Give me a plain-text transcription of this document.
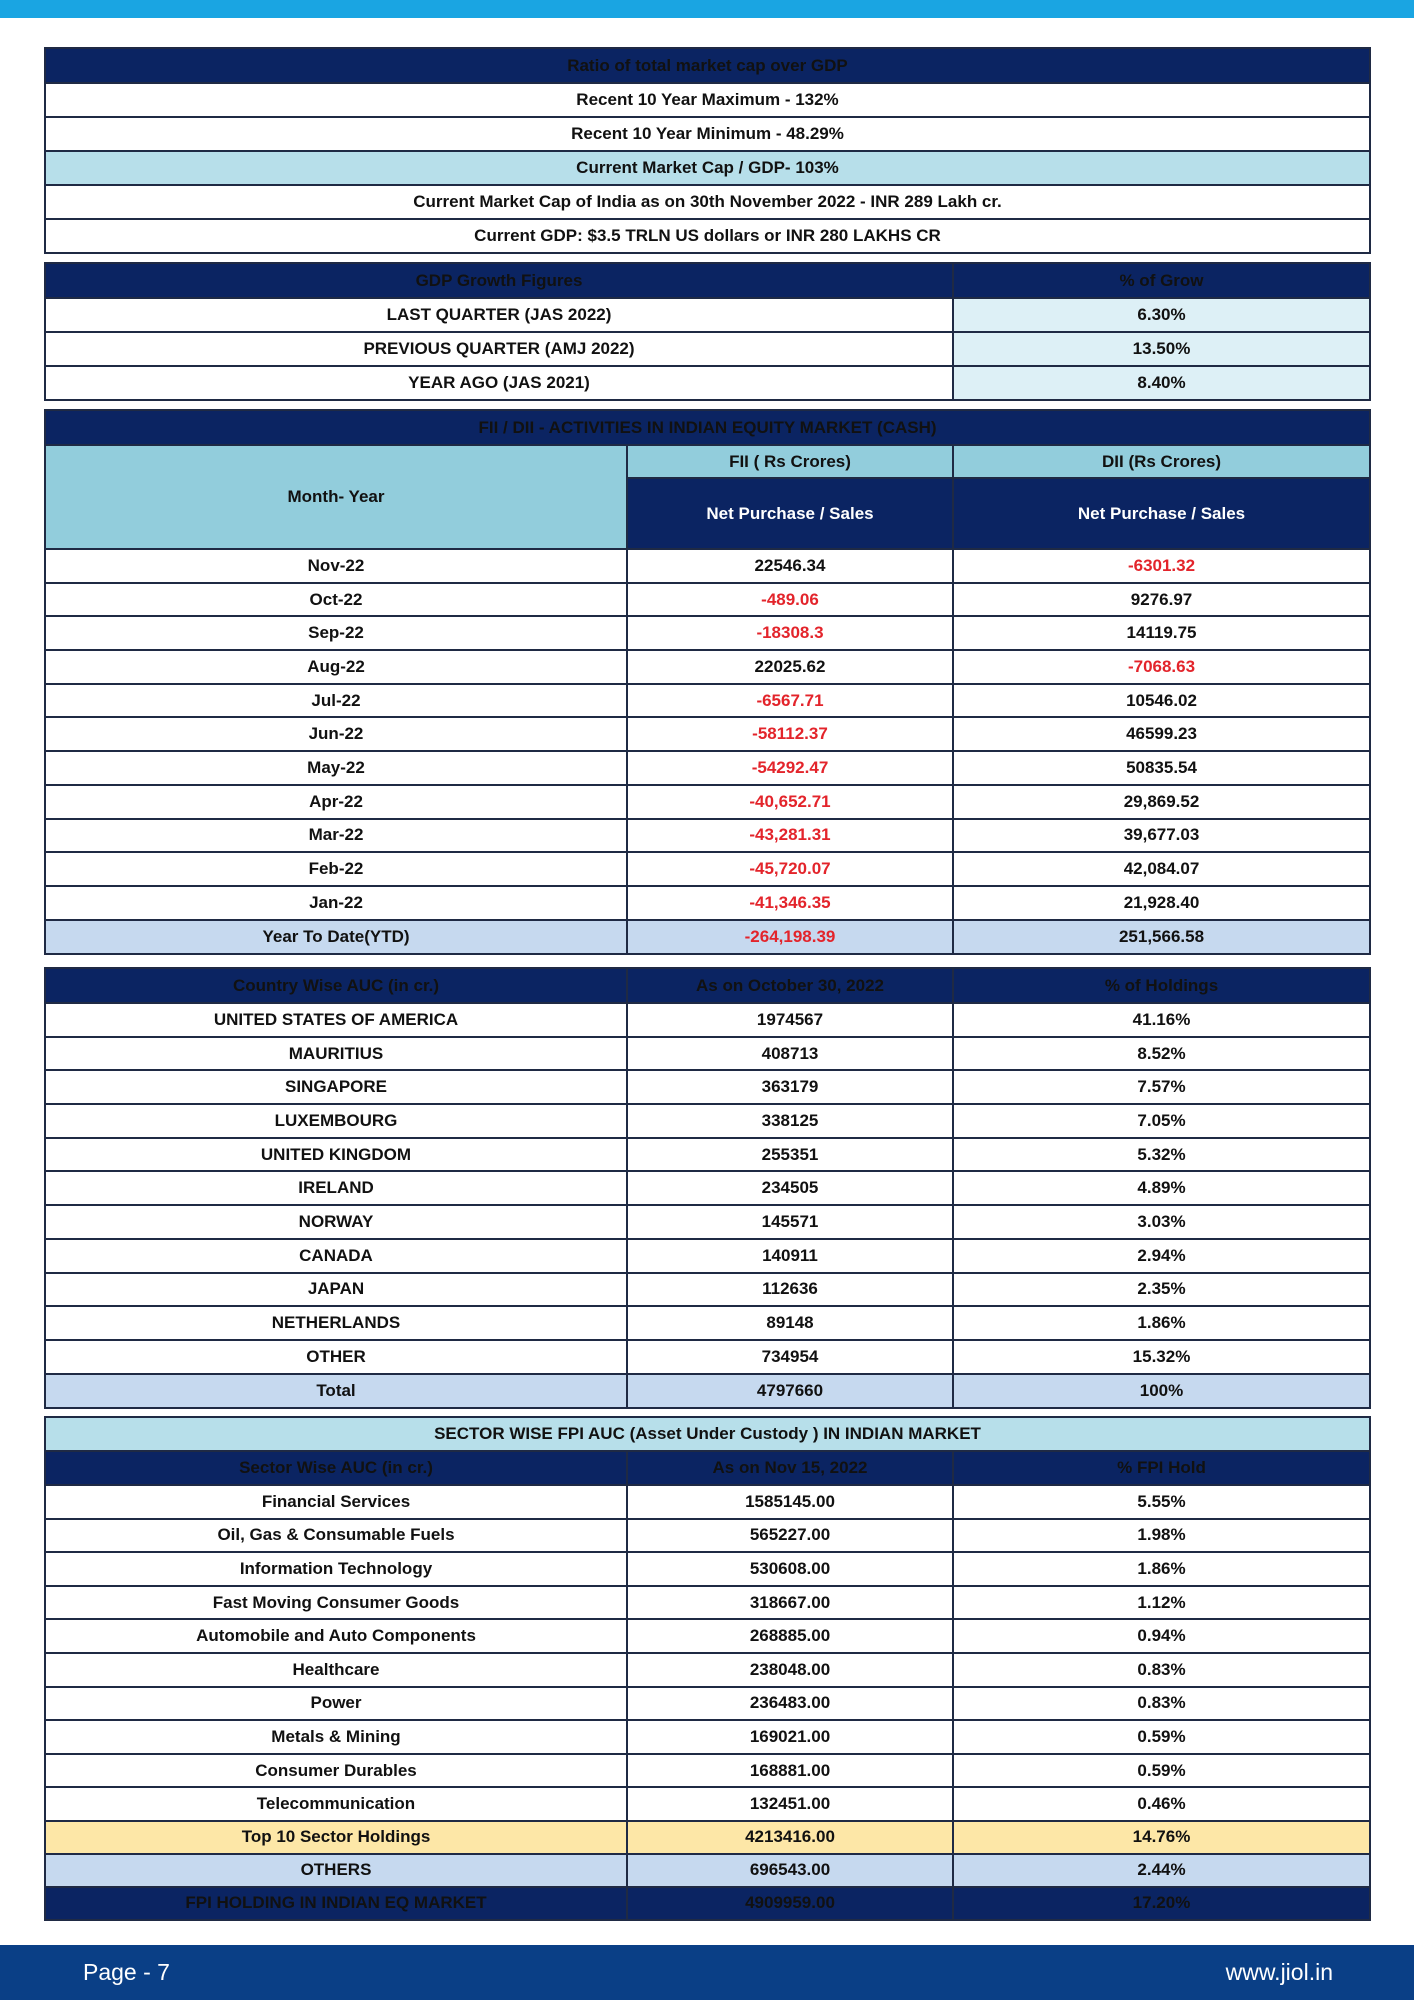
Ratio of total market cap over GDP
Recent 10 Year Maximum - 132%
Recent 10 Year Minimum - 48.29%
Current Market Cap / GDP- 103%
Current Market Cap of India as on 30th November 2022 - INR 289 Lakh cr.
Current GDP: $3.5 TRLN US dollars or INR 280 LAKHS CR
GDP Growth Figures	% of Grow
LAST QUARTER (JAS 2022)	6.30%
PREVIOUS QUARTER (AMJ 2022)	13.50%
YEAR AGO (JAS 2021)	8.40%
FII / DII - ACTIVITIES IN INDIAN EQUITY MARKET (CASH)		
Month- Year	FII ( Rs Crores)	DII (Rs Crores)
	Net Purchase / Sales	Net Purchase / Sales
Nov-22	22546.34	-6301.32
Oct-22	-489.06	9276.97
Sep-22	-18308.3	14119.75
Aug-22	22025.62	-7068.63
Jul-22	-6567.71	10546.02
Jun-22	-58112.37	46599.23
May-22	-54292.47	50835.54
Apr-22	-40,652.71	29,869.52
Mar-22	-43,281.31	39,677.03
Feb-22	-45,720.07	42,084.07
Jan-22	-41,346.35	21,928.40
Year To Date(YTD)	-264,198.39	251,566.58
Country Wise AUC (in cr.)	As on October 30, 2022	% of Holdings
UNITED STATES OF AMERICA	1974567	41.16%
MAURITIUS	408713	8.52%
SINGAPORE	363179	7.57%
LUXEMBOURG	338125	7.05%
UNITED KINGDOM	255351	5.32%
IRELAND	234505	4.89%
NORWAY	145571	3.03%
CANADA	140911	2.94%
JAPAN	112636	2.35%
NETHERLANDS	89148	1.86%
OTHER	734954	15.32%
Total	4797660	100%
SECTOR WISE FPI AUC (Asset Under Custody ) IN INDIAN MARKET		
Sector Wise AUC (in cr.)	As on Nov 15, 2022	% FPI Hold
Financial Services	1585145.00	5.55%
Oil, Gas & Consumable Fuels	565227.00	1.98%
Information Technology	530608.00	1.86%
Fast Moving Consumer Goods	318667.00	1.12%
Automobile and Auto Components	268885.00	0.94%
Healthcare	238048.00	0.83%
Power	236483.00	0.83%
Metals & Mining	169021.00	0.59%
Consumer Durables	168881.00	0.59%
Telecommunication	132451.00	0.46%
Top 10 Sector Holdings	4213416.00	14.76%
OTHERS	696543.00	2.44%
FPI HOLDING IN INDIAN EQ MARKET	4909959.00	17.20%
Page - 7	www.jiol.in
